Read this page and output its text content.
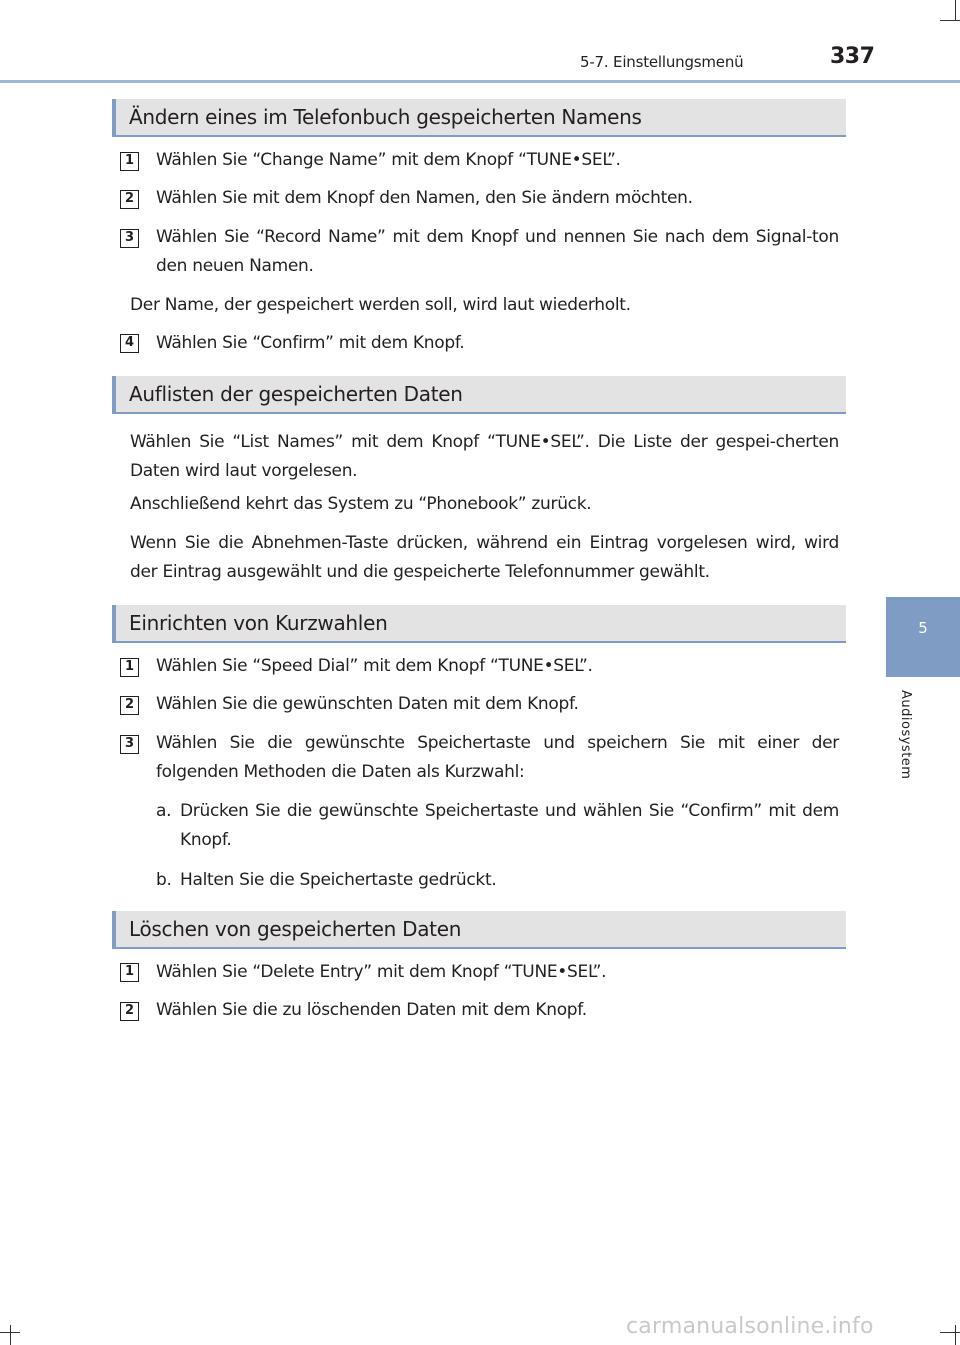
5-7. Einstellungsmenü	337
5
Audiosystem
Ändern eines im Telefonbuch gespeicherten Namens
1 Wählen Sie “Change Name” mit dem Knopf “TUNE•SEL”.
2 Wählen Sie mit dem Knopf den Namen, den Sie ändern möchten.
3 Wählen Sie “Record Name” mit dem Knopf und nennen Sie nach dem Signal-ton den neuen Namen.
Der Name, der gespeichert werden soll, wird laut wiederholt.
4 Wählen Sie “Confirm” mit dem Knopf.
Auflisten der gespeicherten Daten
Wählen Sie “List Names” mit dem Knopf “TUNE•SEL”. Die Liste der gespei-cherten Daten wird laut vorgelesen.
Anschließend kehrt das System zu “Phonebook” zurück.
Wenn Sie die Abnehmen-Taste drücken, während ein Eintrag vorgelesen wird, wird der Eintrag ausgewählt und die gespeicherte Telefonnummer gewählt.
Einrichten von Kurzwahlen
1 Wählen Sie “Speed Dial” mit dem Knopf “TUNE•SEL”.
2 Wählen Sie die gewünschten Daten mit dem Knopf.
3 Wählen Sie die gewünschte Speichertaste und speichern Sie mit einer der folgenden Methoden die Daten als Kurzwahl:
a. Drücken Sie die gewünschte Speichertaste und wählen Sie “Confirm” mit dem Knopf.
b. Halten Sie die Speichertaste gedrückt.
Löschen von gespeicherten Daten
1 Wählen Sie “Delete Entry” mit dem Knopf “TUNE•SEL”.
2 Wählen Sie die zu löschenden Daten mit dem Knopf.
carmanualsonline.info
